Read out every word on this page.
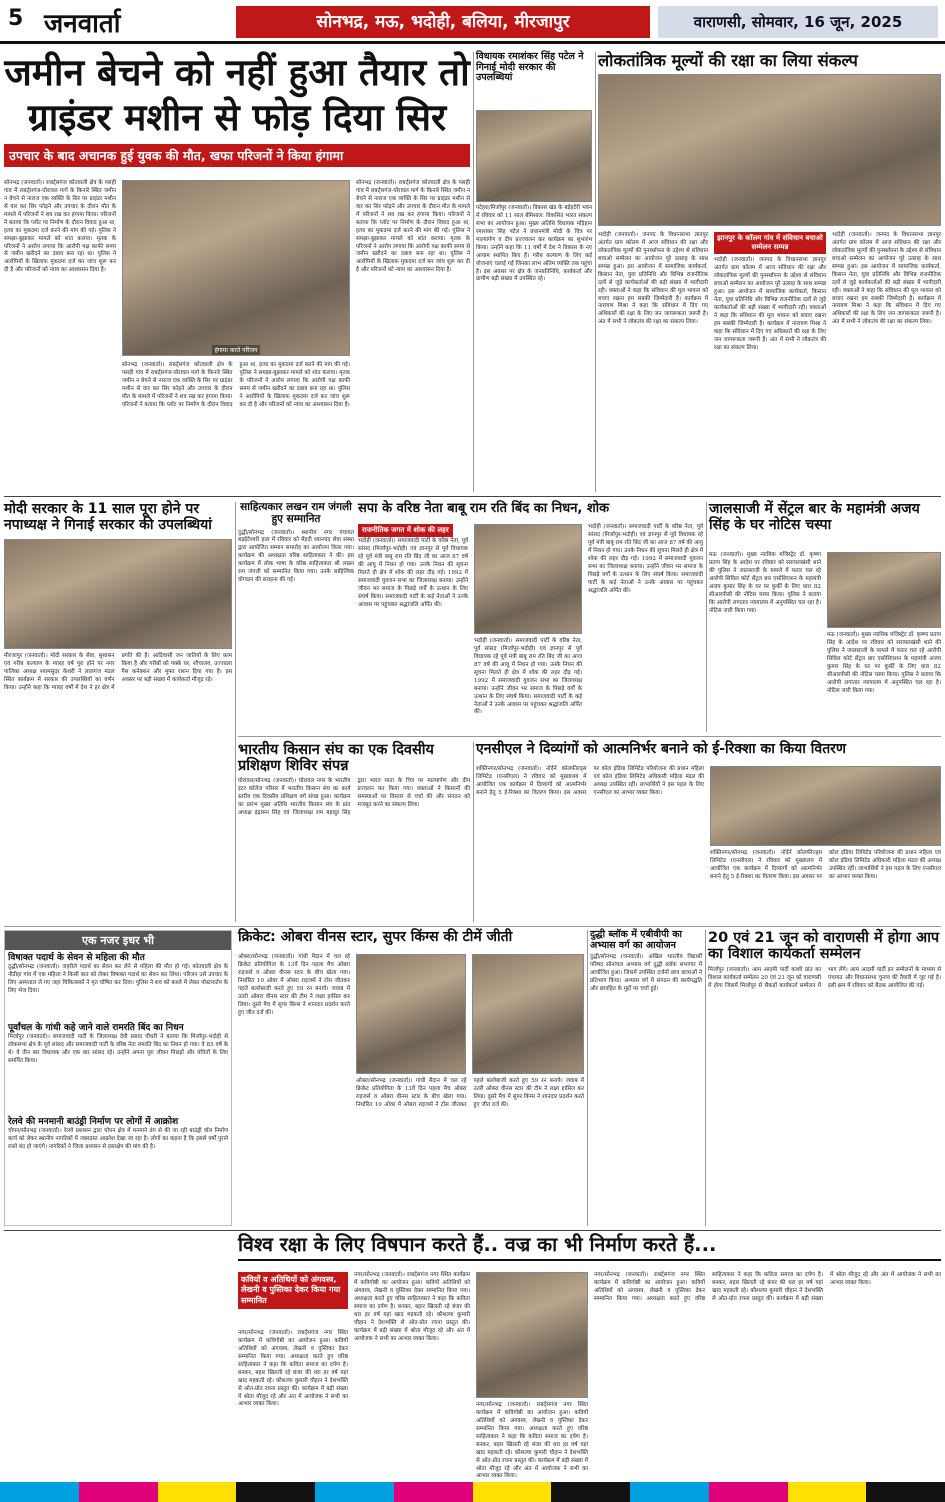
5 जनवार्ता	सोनभद्र, मऊ, भदोही, बलिया, मीरजापुर	वाराणसी, सोमवार, 16 जून, 2025
जमीन बेचने को नहीं हुआ तैयार तो
ग्राइंडर मशीन से फोड़ दिया सिर
उपचार के बाद अचानक हुई युवक की मौत, खफा परिजनों ने किया हंगामा
सोनभद्र (जनवार्ता)। राबर्ट्सगंज कोतवाली क्षेत्र के पसही गांव में राबर्ट्सगंज-घोरावल मार्ग के किनारे स्थित जमीन न बेचने से नाराज एक व्यक्ति के सिर पर ग्राइंडर मशीन से वार कर सिर फोड़ने और उपचार के दौरान मौत के मामले में परिजनों ने शव रख कर हंगामा किया। परिजनों ने बताया कि प्लॉट पर निर्माण के दौरान विवाद हुआ था, हत्या का मुकदमा दर्ज करने की मांग की गई। पुलिस ने समझा-बुझाकर मामले को शांत कराया। मृतक के परिजनों ने आरोप लगाया कि आरोपी पक्ष काफी समय से जमीन खरीदने का दबाव बना रहा था। पुलिस ने आरोपियों के खिलाफ मुकदमा दर्ज कर जांच शुरू कर दी है और परिजनों को न्याय का आश्वासन दिया है।
हंगामा करते परिजन
सोनभद्र (जनवार्ता)। राबर्ट्सगंज कोतवाली क्षेत्र के पसही गांव में राबर्ट्सगंज-घोरावल मार्ग के किनारे स्थित जमीन न बेचने से नाराज एक व्यक्ति के सिर पर ग्राइंडर मशीन से वार कर सिर फोड़ने और उपचार के दौरान मौत के मामले में परिजनों ने शव रख कर हंगामा किया। परिजनों ने बताया कि प्लॉट पर निर्माण के दौरान विवाद हुआ था, हत्या का मुकदमा दर्ज करने की मांग की गई। पुलिस ने समझा-बुझाकर मामले को शांत कराया। मृतक के परिजनों ने आरोप लगाया कि आरोपी पक्ष काफी समय से जमीन खरीदने का दबाव बना रहा था। पुलिस ने आरोपियों के खिलाफ मुकदमा दर्ज कर जांच शुरू कर दी है और परिजनों को न्याय का आश्वासन दिया है।
सोनभद्र (जनवार्ता)। राबर्ट्सगंज कोतवाली क्षेत्र के पसही गांव में राबर्ट्सगंज-घोरावल मार्ग के किनारे स्थित जमीन न बेचने से नाराज एक व्यक्ति के सिर पर ग्राइंडर मशीन से वार कर सिर फोड़ने और उपचार के दौरान मौत के मामले में परिजनों ने शव रख कर हंगामा किया। परिजनों ने बताया कि प्लॉट पर निर्माण के दौरान विवाद हुआ था, हत्या का मुकदमा दर्ज करने की मांग की गई। पुलिस ने समझा-बुझाकर मामले को शांत कराया। मृतक के परिजनों ने आरोप लगाया कि आरोपी पक्ष काफी समय से जमीन खरीदने का दबाव बना रहा था। पुलिस ने आरोपियों के खिलाफ मुकदमा दर्ज कर जांच शुरू कर दी है और परिजनों को न्याय का आश्वासन दिया है।
विधायक रमाशंकर सिंह पटेल ने गिनाई मोदी सरकार की उपलब्धियां
पटेहरा/मिर्जापुर (जनवार्ता)। विकास खंड के बड़ेहटेरी भवन में रविवार को 11 साल बेमिसाल: विकसित भारत संकल्प सभा का आयोजन हुआ। मुख्य अतिथि विधायक मड़िहान रमाशंकर सिंह पटेल ने प्रधानमंत्री मोदी के चित्र पर माल्यार्पण व दीप प्रज्ज्वलन कर कार्यक्रम का शुभारंभ किया। उन्होंने कहा कि 11 वर्षों में देश ने विकास के नए आयाम स्थापित किए हैं। गरीब कल्याण के लिए कई योजनाएं चलाई गईं जिनका लाभ अंतिम व्यक्ति तक पहुंचा है। इस अवसर पर क्षेत्र के जनप्रतिनिधि, कार्यकर्ता और ग्रामीण बड़ी संख्या में उपस्थित रहे।
लोकतांत्रिक मूल्यों की रक्षा का लिया संकल्प
भदोही (जनवार्ता)। जनपद के विधानसभा ज्ञानपुर अंतर्गत ग्राम कॉलम में आज संविधान की रक्षा और लोकतांत्रिक मूल्यों की पुनर्स्थापना के उद्देश्य से संविधान बचाओ सम्मेलन का आयोजन पूरे उत्साह के साथ सम्पन्न हुआ। इस आयोजन में सामाजिक कार्यकर्ता, किसान नेता, युवा प्रतिनिधि और विभिन्न राजनीतिक दलों से जुड़े कार्यकर्ताओं की बड़ी संख्या में भागीदारी रही। वक्ताओं ने कहा कि संविधान की मूल भावना को बचाए रखना हम सबकी जिम्मेदारी है। कार्यक्रम में नारायण मिश्रा ने कहा कि संविधान में दिए गए अधिकारों की रक्षा के लिए जन जागरूकता जरूरी है। अंत में सभी ने लोकतंत्र की रक्षा का संकल्प लिया।
झानपुर के कॉलम गांव में संविधान बचाओ सम्मेलन सम्पन्न
भदोही (जनवार्ता)। जनपद के विधानसभा ज्ञानपुर अंतर्गत ग्राम कॉलम में आज संविधान की रक्षा और लोकतांत्रिक मूल्यों की पुनर्स्थापना के उद्देश्य से संविधान बचाओ सम्मेलन का आयोजन पूरे उत्साह के साथ सम्पन्न हुआ। इस आयोजन में सामाजिक कार्यकर्ता, किसान नेता, युवा प्रतिनिधि और विभिन्न राजनीतिक दलों से जुड़े कार्यकर्ताओं की बड़ी संख्या में भागीदारी रही। वक्ताओं ने कहा कि संविधान की मूल भावना को बचाए रखना हम सबकी जिम्मेदारी है। कार्यक्रम में नारायण मिश्रा ने कहा कि संविधान में दिए गए अधिकारों की रक्षा के लिए जन जागरूकता जरूरी है। अंत में सभी ने लोकतंत्र की रक्षा का संकल्प लिया।
भदोही (जनवार्ता)। जनपद के विधानसभा ज्ञानपुर अंतर्गत ग्राम कॉलम में आज संविधान की रक्षा और लोकतांत्रिक मूल्यों की पुनर्स्थापना के उद्देश्य से संविधान बचाओ सम्मेलन का आयोजन पूरे उत्साह के साथ सम्पन्न हुआ। इस आयोजन में सामाजिक कार्यकर्ता, किसान नेता, युवा प्रतिनिधि और विभिन्न राजनीतिक दलों से जुड़े कार्यकर्ताओं की बड़ी संख्या में भागीदारी रही। वक्ताओं ने कहा कि संविधान की मूल भावना को बचाए रखना हम सबकी जिम्मेदारी है। कार्यक्रम में नारायण मिश्रा ने कहा कि संविधान में दिए गए अधिकारों की रक्षा के लिए जन जागरूकता जरूरी है। अंत में सभी ने लोकतंत्र की रक्षा का संकल्प लिया।
मोदी सरकार के 11 साल पूरा होने पर नपाध्यक्ष ने गिनाई सरकार की उपलब्धियां
मीरजापुर (जनवार्ता)। मोदी सरकार के सेवा, सुशासन एवं गरीब कल्याण के ग्यारह वर्ष पूरा होने पर नगर पालिका अध्यक्ष श्यामसुंदर केशरी ने लालगंज मंडल स्थित कार्यक्रम में सरकार की उपलब्धियों का वर्णन किया। उन्होंने कहा कि ग्यारह वर्षों में देश ने हर क्षेत्र में प्रगति की है। आदिवासी जन जातियों के लिए काम किया है और गरीबों को पक्के घर, शौचालय, उज्ज्वला गैस कनेक्शन और मुफ्त राशन दिया गया है। इस अवसर पर बड़ी संख्या में कार्यकर्ता मौजूद रहे।
साहित्यकार लखन राम जंगली हुए सम्मानित
दुद्धी/सोनभद्र (जनवार्ता)। स्थानीय नगर पंचायत बड़हेटेश्वरी हाल में रविवार को मेंहदी ध्यानचंद सेवा संस्था द्वारा आयोजित सम्मान समारोह का आयोजन किया गया। कार्यक्रम की अध्यक्षता वरिष्ठ साहित्यकार ने की। इस कार्यक्रम में लोक भाषा के वरिष्ठ साहित्यकार श्री लखन राम जंगली को सम्मानित किया गया। उनके साहित्यिक योगदान की सराहना की गई।
सपा के वरिष्ठ नेता बाबू राम रति बिंद का निधन, शोक
राजनीतिक जगत में शोक की लहर
भदोही (जनवार्ता)। समाजवादी पार्टी के वरिष्ठ नेता, पूर्व सांसद (मिर्जापुर-भदोही) एवं ज्ञानपुर से पूर्व विधायक रहे पूर्व मंत्री बाबू राम रति बिंद जी का आज 87 वर्ष की आयु में निधन हो गया। उनके निधन की सूचना मिलते ही क्षेत्र में शोक की लहर दौड़ गई। 1992 में समाजवादी युवजन सभा का जिलाध्यक्ष बनाया। उन्होंने जीवन भर समाज के पिछड़े वर्गों के उत्थान के लिए संघर्ष किया। समाजवादी पार्टी के कई नेताओं ने उनके आवास पर पहुंचकर श्रद्धांजलि अर्पित की।
भदोही (जनवार्ता)। समाजवादी पार्टी के वरिष्ठ नेता, पूर्व सांसद (मिर्जापुर-भदोही) एवं ज्ञानपुर से पूर्व विधायक रहे पूर्व मंत्री बाबू राम रति बिंद जी का आज 87 वर्ष की आयु में निधन हो गया। उनके निधन की सूचना मिलते ही क्षेत्र में शोक की लहर दौड़ गई। 1992 में समाजवादी युवजन सभा का जिलाध्यक्ष बनाया। उन्होंने जीवन भर समाज के पिछड़े वर्गों के उत्थान के लिए संघर्ष किया। समाजवादी पार्टी के कई नेताओं ने उनके आवास पर पहुंचकर श्रद्धांजलि अर्पित की।
भदोही (जनवार्ता)। समाजवादी पार्टी के वरिष्ठ नेता, पूर्व सांसद (मिर्जापुर-भदोही) एवं ज्ञानपुर से पूर्व विधायक रहे पूर्व मंत्री बाबू राम रति बिंद जी का आज 87 वर्ष की आयु में निधन हो गया। उनके निधन की सूचना मिलते ही क्षेत्र में शोक की लहर दौड़ गई। 1992 में समाजवादी युवजन सभा का जिलाध्यक्ष बनाया। उन्होंने जीवन भर समाज के पिछड़े वर्गों के उत्थान के लिए संघर्ष किया। समाजवादी पार्टी के कई नेताओं ने उनके आवास पर पहुंचकर श्रद्धांजलि अर्पित की।
जालसाजी में सेंट्रल बार के महामंत्री अजय सिंह के घर नोटिस चस्पा
मऊ (जनवार्ता)। मुख्य न्यायिक मजिस्ट्रेट डॉ. कृष्णा प्रताप सिंह के आदेश पर रविवार को सरायलखंसी थाने की पुलिस ने जालसाजी के मामले में फरार चल रहे आरोपी सिविल कोर्ट सेंट्रल बार एसोसिएशन के महामंत्री अजय कुमार सिंह के घर पर कुर्की के लिए धारा 82 सीआरपीसी की नोटिस चस्पा किया। पुलिस ने बताया कि आरोपी लगातार न्यायालय में अनुपस्थित चल रहा है। नोटिस जारी किया गया।
मऊ (जनवार्ता)। मुख्य न्यायिक मजिस्ट्रेट डॉ. कृष्णा प्रताप सिंह के आदेश पर रविवार को सरायलखंसी थाने की पुलिस ने जालसाजी के मामले में फरार चल रहे आरोपी सिविल कोर्ट सेंट्रल बार एसोसिएशन के महामंत्री अजय कुमार सिंह के घर पर कुर्की के लिए धारा 82 सीआरपीसी की नोटिस चस्पा किया। पुलिस ने बताया कि आरोपी लगातार न्यायालय में अनुपस्थित चल रहा है। नोटिस जारी किया गया।
भारतीय किसान संघ का एक दिवसीय प्रशिक्षण शिविर संपन्न
घोरावल/सोनभद्र (जनवार्ता)। घोरावल नगर के भारतीय इंटर कॉलेज परिसर में भारतीय किसान संघ का कार्य स्तरीय एक दिवसीय प्रशिक्षण वर्ग संपन्न हुआ। कार्यक्रम का प्रारंभ मुख्य अतिथि भारतीय किसान संघ के प्रांत अध्यक्ष इंद्रासन सिंह एवं जिलाध्यक्ष राम बहादुर सिंह द्वारा भारत माता के चित्र पर माल्यार्पण और दीप प्रज्वलन कर किया गया। वक्ताओं ने किसानों की समस्याओं पर विस्तार से चर्चा की और संगठन को मजबूत करने का संकल्प लिया।
एनसीएल ने दिव्यांगों को आत्मनिर्भर बनाने को ई-रिक्शा का किया वितरण
शक्तिनगर/सोनभद्र (जनवार्ता)। नॉर्दर्न कोलफील्ड्स लिमिटेड (एनसीएल) ने रविवार को मुख्यालय में आयोजित एक कार्यक्रम में दिव्यांगों को आत्मनिर्भर बनाने हेतु 5 ई-रिक्शा का वितरण किया। इस अवसर पर कोल इंडिया लिमिटेड परियोजना की प्रधान महिला एवं कोल इंडिया लिमिटेड अधिकारी महिला मंडल की अध्यक्ष उपस्थित रहीं। लाभार्थियों ने इस पहल के लिए एनसीएल का आभार व्यक्त किया।
शक्तिनगर/सोनभद्र (जनवार्ता)। नॉर्दर्न कोलफील्ड्स लिमिटेड (एनसीएल) ने रविवार को मुख्यालय में आयोजित एक कार्यक्रम में दिव्यांगों को आत्मनिर्भर बनाने हेतु 5 ई-रिक्शा का वितरण किया। इस अवसर पर कोल इंडिया लिमिटेड परियोजना की प्रधान महिला एवं कोल इंडिया लिमिटेड अधिकारी महिला मंडल की अध्यक्ष उपस्थित रहीं। लाभार्थियों ने इस पहल के लिए एनसीएल का आभार व्यक्त किया।
एक नजर इधर भी
विषाक्त पदार्थ के सेवन से महिला की मौत
दुद्धी/सोनभद्र (जनवार्ता)। जहरीले पदार्थ का सेवन कर लेने से महिला की मौत हो गई। कोतवाली क्षेत्र के नौडीहा गांव में एक महिला ने किसी बात को लेकर विषाक्त पदार्थ का सेवन कर लिया। परिजन उसे उपचार के लिए अस्पताल ले गए जहां चिकित्सकों ने मृत घोषित कर दिया। पुलिस ने शव को कब्जे में लेकर पोस्टमार्टम के लिए भेज दिया।
पूर्वांचल के गांधी कहे जाने वाले रामरति बिंद का निधन
मिर्जापुर (जनवार्ता)। समाजवादी पार्टी के जिलाध्यक्ष देवी प्रसाद चौधरी ने बताया कि मिर्जापुर-भदोही से लोकसभा क्षेत्र के पूर्व सांसद और समाजवादी पार्टी के वरिष्ठ नेता रामरति बिंद का निधन हो गया। वे 85 वर्ष के थे। वे तीन बार विधायक और एक बार सांसद रहे। उन्होंने अपना पूरा जीवन पिछड़ों और वंचितों के लिए समर्पित किया।
रेलवे की मनमानी बाउंड्री निर्माण पर लोगों में आक्रोश
चोपन/सोनभद्र (जनवार्ता)। रेलवे प्रशासन द्वारा चोपन क्षेत्र में मनमाने ढंग से की जा रही बाउंड्री वॉल निर्माण कार्य को लेकर स्थानीय नागरिकों में जबरदस्त आक्रोश देखा जा रहा है। लोगों का कहना है कि इससे वर्षों पुराने रास्ते बंद हो जाएंगे। नागरिकों ने जिला प्रशासन से हस्तक्षेप की मांग की है।
क्रिकेट: ओबरा वीनस स्टार, सुपर किंग्स की टीमें जीती
ओबरा/सोनभद्र (जनवार्ता)। गांधी मैदान में चल रहे क्रिकेट प्रतियोगिता के 13वें दिन पहला मैच ओबरा राइजर्स व ओबरा वीनस स्टार के बीच खेला गया। निर्धारित 10 ओवर में ओबरा राइजर्स ने टॉस जीतकर पहले बल्लेबाजी करते हुए 59 रन बनाये। जवाब में उतरी ओबरा वीनस स्टार की टीम ने लक्ष्य हासिल कर लिया। दूसरे मैच में सुपर किंग्स ने शानदार प्रदर्शन करते हुए जीत दर्ज की।
ओबरा/सोनभद्र (जनवार्ता)। गांधी मैदान में चल रहे क्रिकेट प्रतियोगिता के 13वें दिन पहला मैच ओबरा राइजर्स व ओबरा वीनस स्टार के बीच खेला गया। निर्धारित 10 ओवर में ओबरा राइजर्स ने टॉस जीतकर पहले बल्लेबाजी करते हुए 59 रन बनाये। जवाब में उतरी ओबरा वीनस स्टार की टीम ने लक्ष्य हासिल कर लिया। दूसरे मैच में सुपर किंग्स ने शानदार प्रदर्शन करते हुए जीत दर्ज की।
दुद्धी ब्लॉक में एबीवीपी का अभ्यास वर्ग का आयोजन
दुद्धी/सोनभद्र (जनवार्ता)। अखिल भारतीय विद्यार्थी परिषद सोनांचल अभ्यास वर्ग दुद्धी ब्लॉक सभागार में आयोजित हुआ। जिसमें उपस्थित दर्जनों छात्र छात्राओं ने प्रतिभाग किया। अभ्यास वर्ग में संगठन की कार्यपद्धति और छात्रहित के मुद्दों पर चर्चा हुई।
20 एवं 21 जून को वाराणसी में होगा आप का विशाल कार्यकर्ता सम्मेलन
मिर्जापुर (जनवार्ता)। आम आदमी पार्टी काशी प्रांत का विशाल कार्यकर्ता सम्मेलन 20 एवं 21 जून को वाराणसी में होगा जिसमें मिर्जापुर से सैकड़ों कार्यकर्ता सम्मेलन में भाग लेंगे। आम आदमी पार्टी इन सम्मेलनों के माध्यम से पंचायत और विधानसभा चुनाव की तैयारी में जुट गई है। इसी क्रम में रविवार को बैठक आयोजित की गई।
विश्व रक्षा के लिए विषपान करते हैं.. वज्र का भी निर्माण करते हैं...
कवियों व अतिथियों को अंगवस्त्र, लेखनी व पुस्तिका देकर किया गया सम्मानित
नगर/सोनभद्र (जनवार्ता)। राबर्ट्सगंज नगर स्थित कार्यक्रम में कविगोष्ठी का आयोजन हुआ। कवियों अतिथियों को अंगवस्त्र, लेखनी व पुस्तिका देकर सम्मानित किया गया। अध्यक्षता करते हुए वरिष्ठ साहित्यकार ने कहा कि कविता समाज का दर्पण है। बनकर, बहार खिलती रहे बंजर की धरा हर वर्ष यहां खाद महकती रहे। कौशल्या कुमारी चौहान ने देशभक्ति से ओत-प्रोत रचना प्रस्तुत की। कार्यक्रम में बड़ी संख्या में श्रोता मौजूद रहे और अंत में आयोजक ने सभी का आभार व्यक्त किया।
नगर/सोनभद्र (जनवार्ता)। राबर्ट्सगंज नगर स्थित कार्यक्रम में कविगोष्ठी का आयोजन हुआ। कवियों अतिथियों को अंगवस्त्र, लेखनी व पुस्तिका देकर सम्मानित किया गया। अध्यक्षता करते हुए वरिष्ठ साहित्यकार ने कहा कि कविता समाज का दर्पण है। बनकर, बहार खिलती रहे बंजर की धरा हर वर्ष यहां खाद महकती रहे। कौशल्या कुमारी चौहान ने देशभक्ति से ओत-प्रोत रचना प्रस्तुत की। कार्यक्रम में बड़ी संख्या में श्रोता मौजूद रहे और अंत में आयोजक ने सभी का आभार व्यक्त किया।
नगर/सोनभद्र (जनवार्ता)। राबर्ट्सगंज नगर स्थित कार्यक्रम में कविगोष्ठी का आयोजन हुआ। कवियों अतिथियों को अंगवस्त्र, लेखनी व पुस्तिका देकर सम्मानित किया गया। अध्यक्षता करते हुए वरिष्ठ साहित्यकार ने कहा कि कविता समाज का दर्पण है। बनकर, बहार खिलती रहे बंजर की धरा हर वर्ष यहां खाद महकती रहे। कौशल्या कुमारी चौहान ने देशभक्ति से ओत-प्रोत रचना प्रस्तुत की। कार्यक्रम में बड़ी संख्या में श्रोता मौजूद रहे और अंत में आयोजक ने सभी का आभार व्यक्त किया।
नगर/सोनभद्र (जनवार्ता)। राबर्ट्सगंज नगर स्थित कार्यक्रम में कविगोष्ठी का आयोजन हुआ। कवियों अतिथियों को अंगवस्त्र, लेखनी व पुस्तिका देकर सम्मानित किया गया। अध्यक्षता करते हुए वरिष्ठ साहित्यकार ने कहा कि कविता समाज का दर्पण है। बनकर, बहार खिलती रहे बंजर की धरा हर वर्ष यहां खाद महकती रहे। कौशल्या कुमारी चौहान ने देशभक्ति से ओत-प्रोत रचना प्रस्तुत की। कार्यक्रम में बड़ी संख्या में श्रोता मौजूद रहे और अंत में आयोजक ने सभी का आभार व्यक्त किया।
